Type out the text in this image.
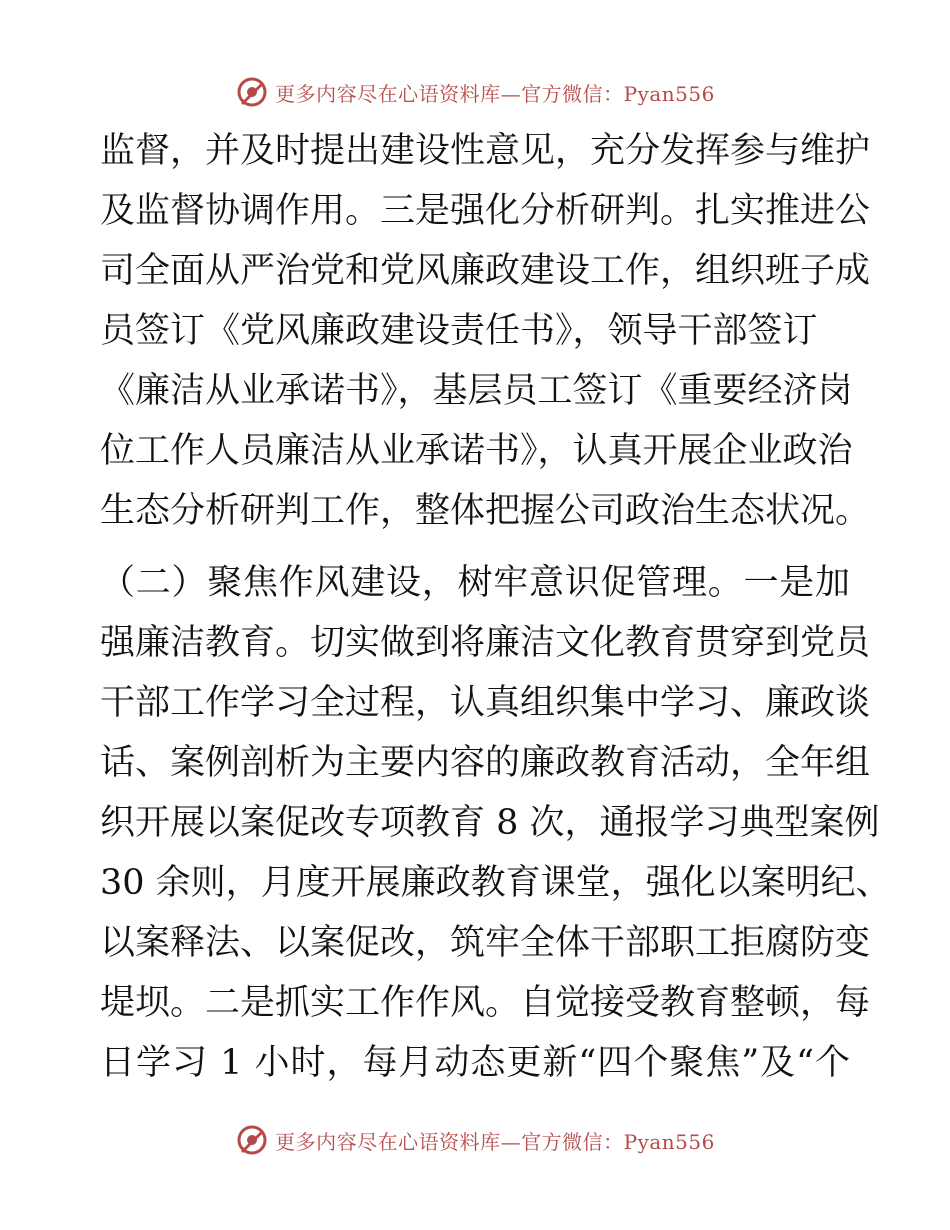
更多内容尽在心语资料库—官方微信：Pyan556
监督，并及时提出建设性意见，充分发挥参与维护
及监督协调作用。三是强化分析研判。扎实推进公
司全面从严治党和党风廉政建设工作，组织班子成
员签订《党风廉政建设责任书》，领导干部签订
《廉洁从业承诺书》，基层员工签订《重要经济岗
位工作人员廉洁从业承诺书》，认真开展企业政治
生态分析研判工作，整体把握公司政治生态状况。
（二）聚焦作风建设，树牢意识促管理。一是加
强廉洁教育。切实做到将廉洁文化教育贯穿到党员
干部工作学习全过程，认真组织集中学习、廉政谈
话、案例剖析为主要内容的廉政教育活动，全年组
织开展以案促改专项教育 8 次，通报学习典型案例
30 余则，月度开展廉政教育课堂，强化以案明纪、
以案释法、以案促改，筑牢全体干部职工拒腐防变
堤坝。二是抓实工作作风。自觉接受教育整顿，每
日学习 1 小时，每月动态更新“四个聚焦”及“个
更多内容尽在心语资料库—官方微信：Pyan556
